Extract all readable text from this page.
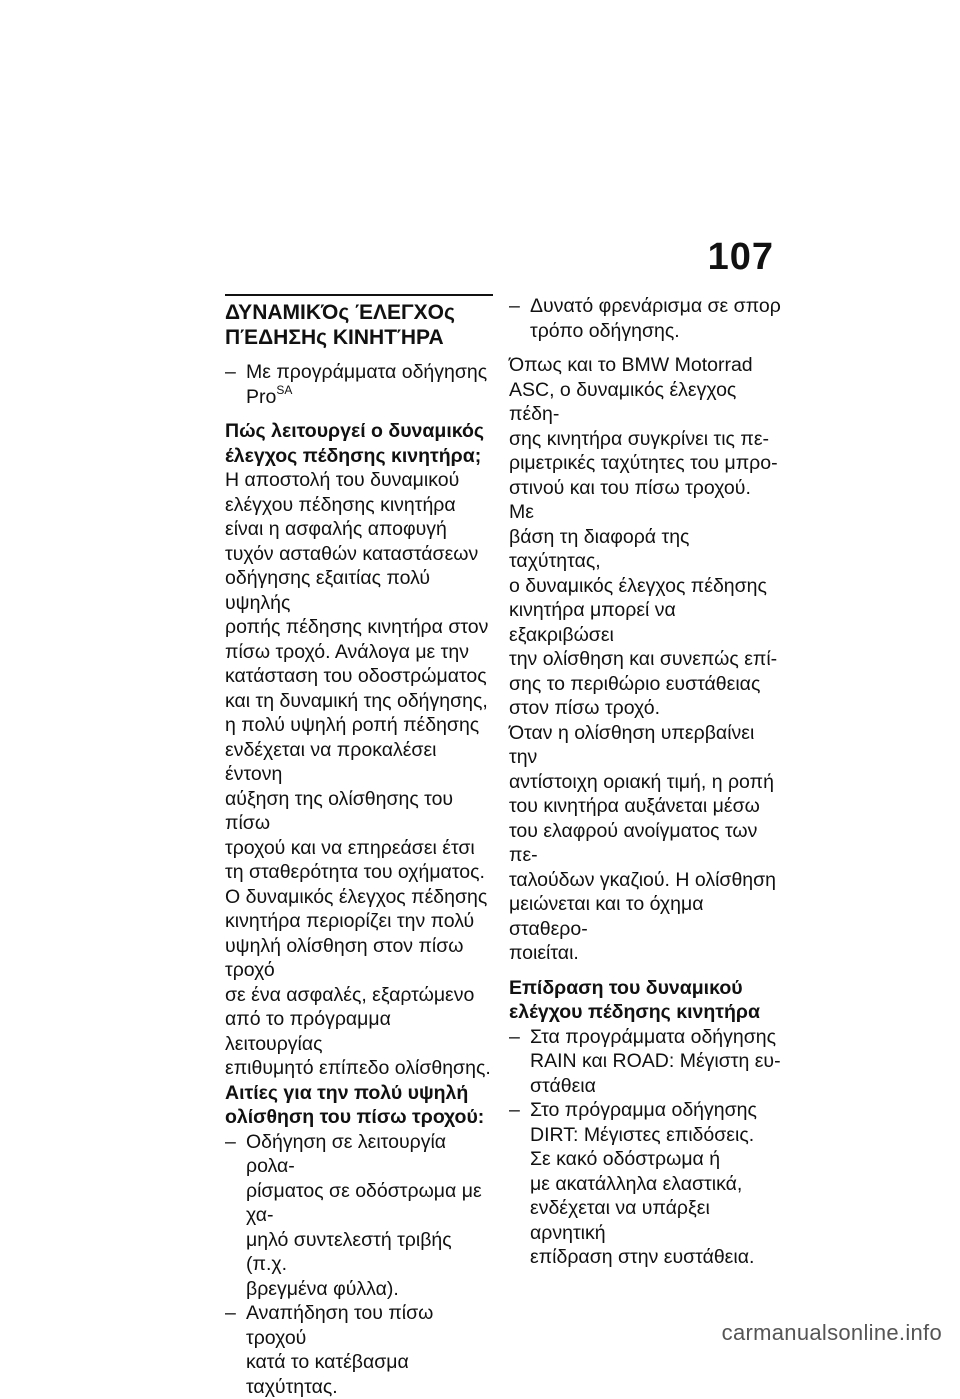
107
ΔΥΝΑΜΙΚΌς ΈΛΕΓΧΟς
ΠΈΔΗΣΗς ΚΙΝΗΤΉΡΑ
– Με προγράμματα οδήγησης
Pro$^{SA}$
Πώς λειτουργεί ο δυναμικός
έλεγχος πέδησης κινητήρα;

Η αποστολή του δυναμικού
ελέγχου πέδησης κινητήρα
είναι η ασφαλής αποφυγή
τυχόν ασταθών καταστάσεων
οδήγησης εξαιτίας πολύ υψηλής
ροπής πέδησης κινητήρα στον
πίσω τροχό. Ανάλογα με την
κατάσταση του οδοστρώματος
και τη δυναμική της οδήγησης,
η πολύ υψηλή ροπή πέδησης
ενδέχεται να προκαλέσει έντονη
αύξηση της ολίσθησης του πίσω
τροχού και να επηρεάσει έτσι
τη σταθερότητα του οχήματος.
Ο δυναμικός έλεγχος πέδησης
κινητήρα περιορίζει την πολύ
υψηλή ολίσθηση στον πίσω τροχό
σε ένα ασφαλές, εξαρτώμενο
από το πρόγραμμα λειτουργίας
επιθυμητό επίπεδο ολίσθησης.

Αιτίες για την πολύ υψηλή
ολίσθηση του πίσω τροχού:
– Οδήγηση σε λειτουργία ρολα-
ρίσματος σε οδόστρωμα με χα-
μηλό συντελεστή τριβής (π.χ.
βρεγμένα φύλλα).
– Αναπήδηση του πίσω τροχού
κατά το κατέβασμα ταχύτητας.
– Δυνατό φρενάρισμα σε σπορ
τρόπο οδήγησης.

Όπως και το BMW Motorrad
ASC, ο δυναμικός έλεγχος πέδη-
σης κινητήρα συγκρίνει τις πε-
ριμετρικές ταχύτητες του μπρο-
στινού και του πίσω τροχού. Με
βάση τη διαφορά της ταχύτητας,
ο δυναμικός έλεγχος πέδησης
κινητήρα μπορεί να εξακριβώσει
την ολίσθηση και συνεπώς επί-
σης το περιθώριο ευστάθειας
στον πίσω τροχό.
Όταν η ολίσθηση υπερβαίνει την
αντίστοιχη οριακή τιμή, η ροπή
του κινητήρα αυξάνεται μέσω
του ελαφρού ανοίγματος των πε-
ταλούδων γκαζιού. Η ολίσθηση
μειώνεται και το όχημα σταθερο-
ποιείται.

Επίδραση του δυναμικού
ελέγχου πέδησης κινητήρα
– Στα προγράμματα οδήγησης
RAIN και ROAD: Μέγιστη ευ-
στάθεια
– Στο πρόγραμμα οδήγησης
DIRT: Μέγιστες επιδόσεις.
Σε κακό οδόστρωμα ή
με ακατάλληλα ελαστικά,
ενδέχεται να υπάρξει αρνητική
επίδραση στην ευστάθεια.
carmanualsonline.info
